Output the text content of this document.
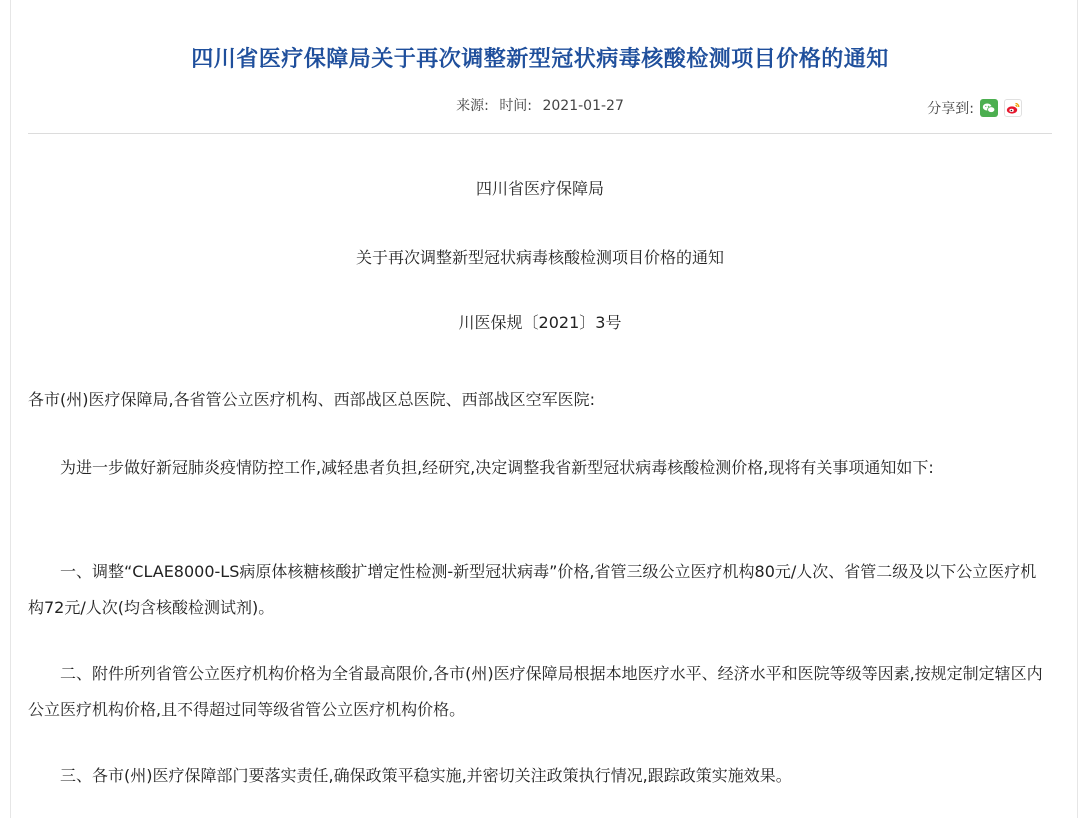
四川省医疗保障局关于再次调整新型冠状病毒核酸检测项目价格的通知
来源: 时间: 2021-01-27	分享到:
四川省医疗保障局
关于再次调整新型冠状病毒核酸检测项目价格的通知
川医保规〔2021〕3号
各市(州)医疗保障局,各省管公立医疗机构、西部战区总医院、西部战区空军医院:
为进一步做好新冠肺炎疫情防控工作,减轻患者负担,经研究,决定调整我省新型冠状病毒核酸检测价格,现将有关事项通知如下:
一、调整“CLAE8000-LS病原体核糖核酸扩增定性检测-新型冠状病毒”价格,省管三级公立医疗机构80元/人次、省管二级及以下公立医疗机构72元/人次(均含核酸检测试剂)。
二、附件所列省管公立医疗机构价格为全省最高限价,各市(州)医疗保障局根据本地医疗水平、经济水平和医院等级等因素,按规定制定辖区内公立医疗机构价格,且不得超过同等级省管公立医疗机构价格。
三、各市(州)医疗保障部门要落实责任,确保政策平稳实施,并密切关注政策执行情况,跟踪政策实施效果。
